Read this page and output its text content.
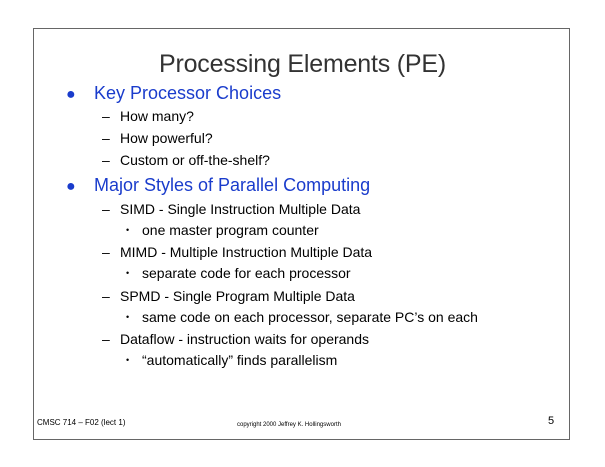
Processing Elements (PE)
● Key Processor Choices
– How many?
– How powerful?
– Custom or off-the-shelf?
● Major Styles of Parallel Computing
– SIMD - Single Instruction Multiple Data
• one master program counter
– MIMD - Multiple Instruction Multiple Data
• separate code for each processor
– SPMD - Single Program Multiple Data
• same code on each processor, separate PC’s on each
– Dataflow - instruction waits for operands
• “automatically” finds parallelism
CMSC 714 – F02 (lect 1)	copyright 2000 Jeffrey K. Hollingsworth	5
